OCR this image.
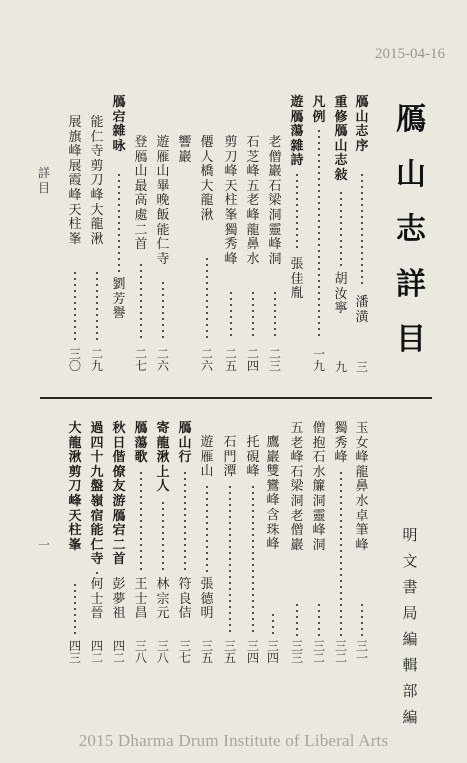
2015-04-16
鴈山志詳目
明文書局編輯部 編
詳 目
一
鴈山志序
潘 潢
三
重修鴈山志敍
胡汝寧
九
凡例
一九
遊鴈蕩雜詩
張佳胤
老僧巖 石梁洞 靈峰洞
二三
石芝峰 五老峰 龍鼻水
二四
剪刀峰 天柱峯 獨秀峰
二五
僊人橋 大龍湫
二六
響巖
遊雁山畢晚飯能仁寺
二六
登鴈山最高處二首
二七
鴈宕雜咏
劉芳譽
能仁寺 剪刀峰 大龍湫
二九
展旗峰 展霞峰 天柱峯
三〇
玉女峰 龍鼻水 卓筆峰
三一
獨秀峰
三二
僧抱石 水簾洞 靈峰洞
三二
五老峰 石梁洞 老僧巖
三三
鷹巖 雙鸞峰 含珠峰
三四
托硯峰
三四
石門潭
三五
遊雁山
張德明
三五
鴈山行
符良佶
三七
寄龍湫上人
林宗元
三八
鴈蕩歌
王士昌
三八
秋日偕僚友游鴈宕二首
彭夢祖
四二
過四十九盤嶺宿能仁寺
何士晉
四二
大龍湫 剪刀峰 天柱峯
四三
2015 Dharma Drum Institute of Liberal Arts
